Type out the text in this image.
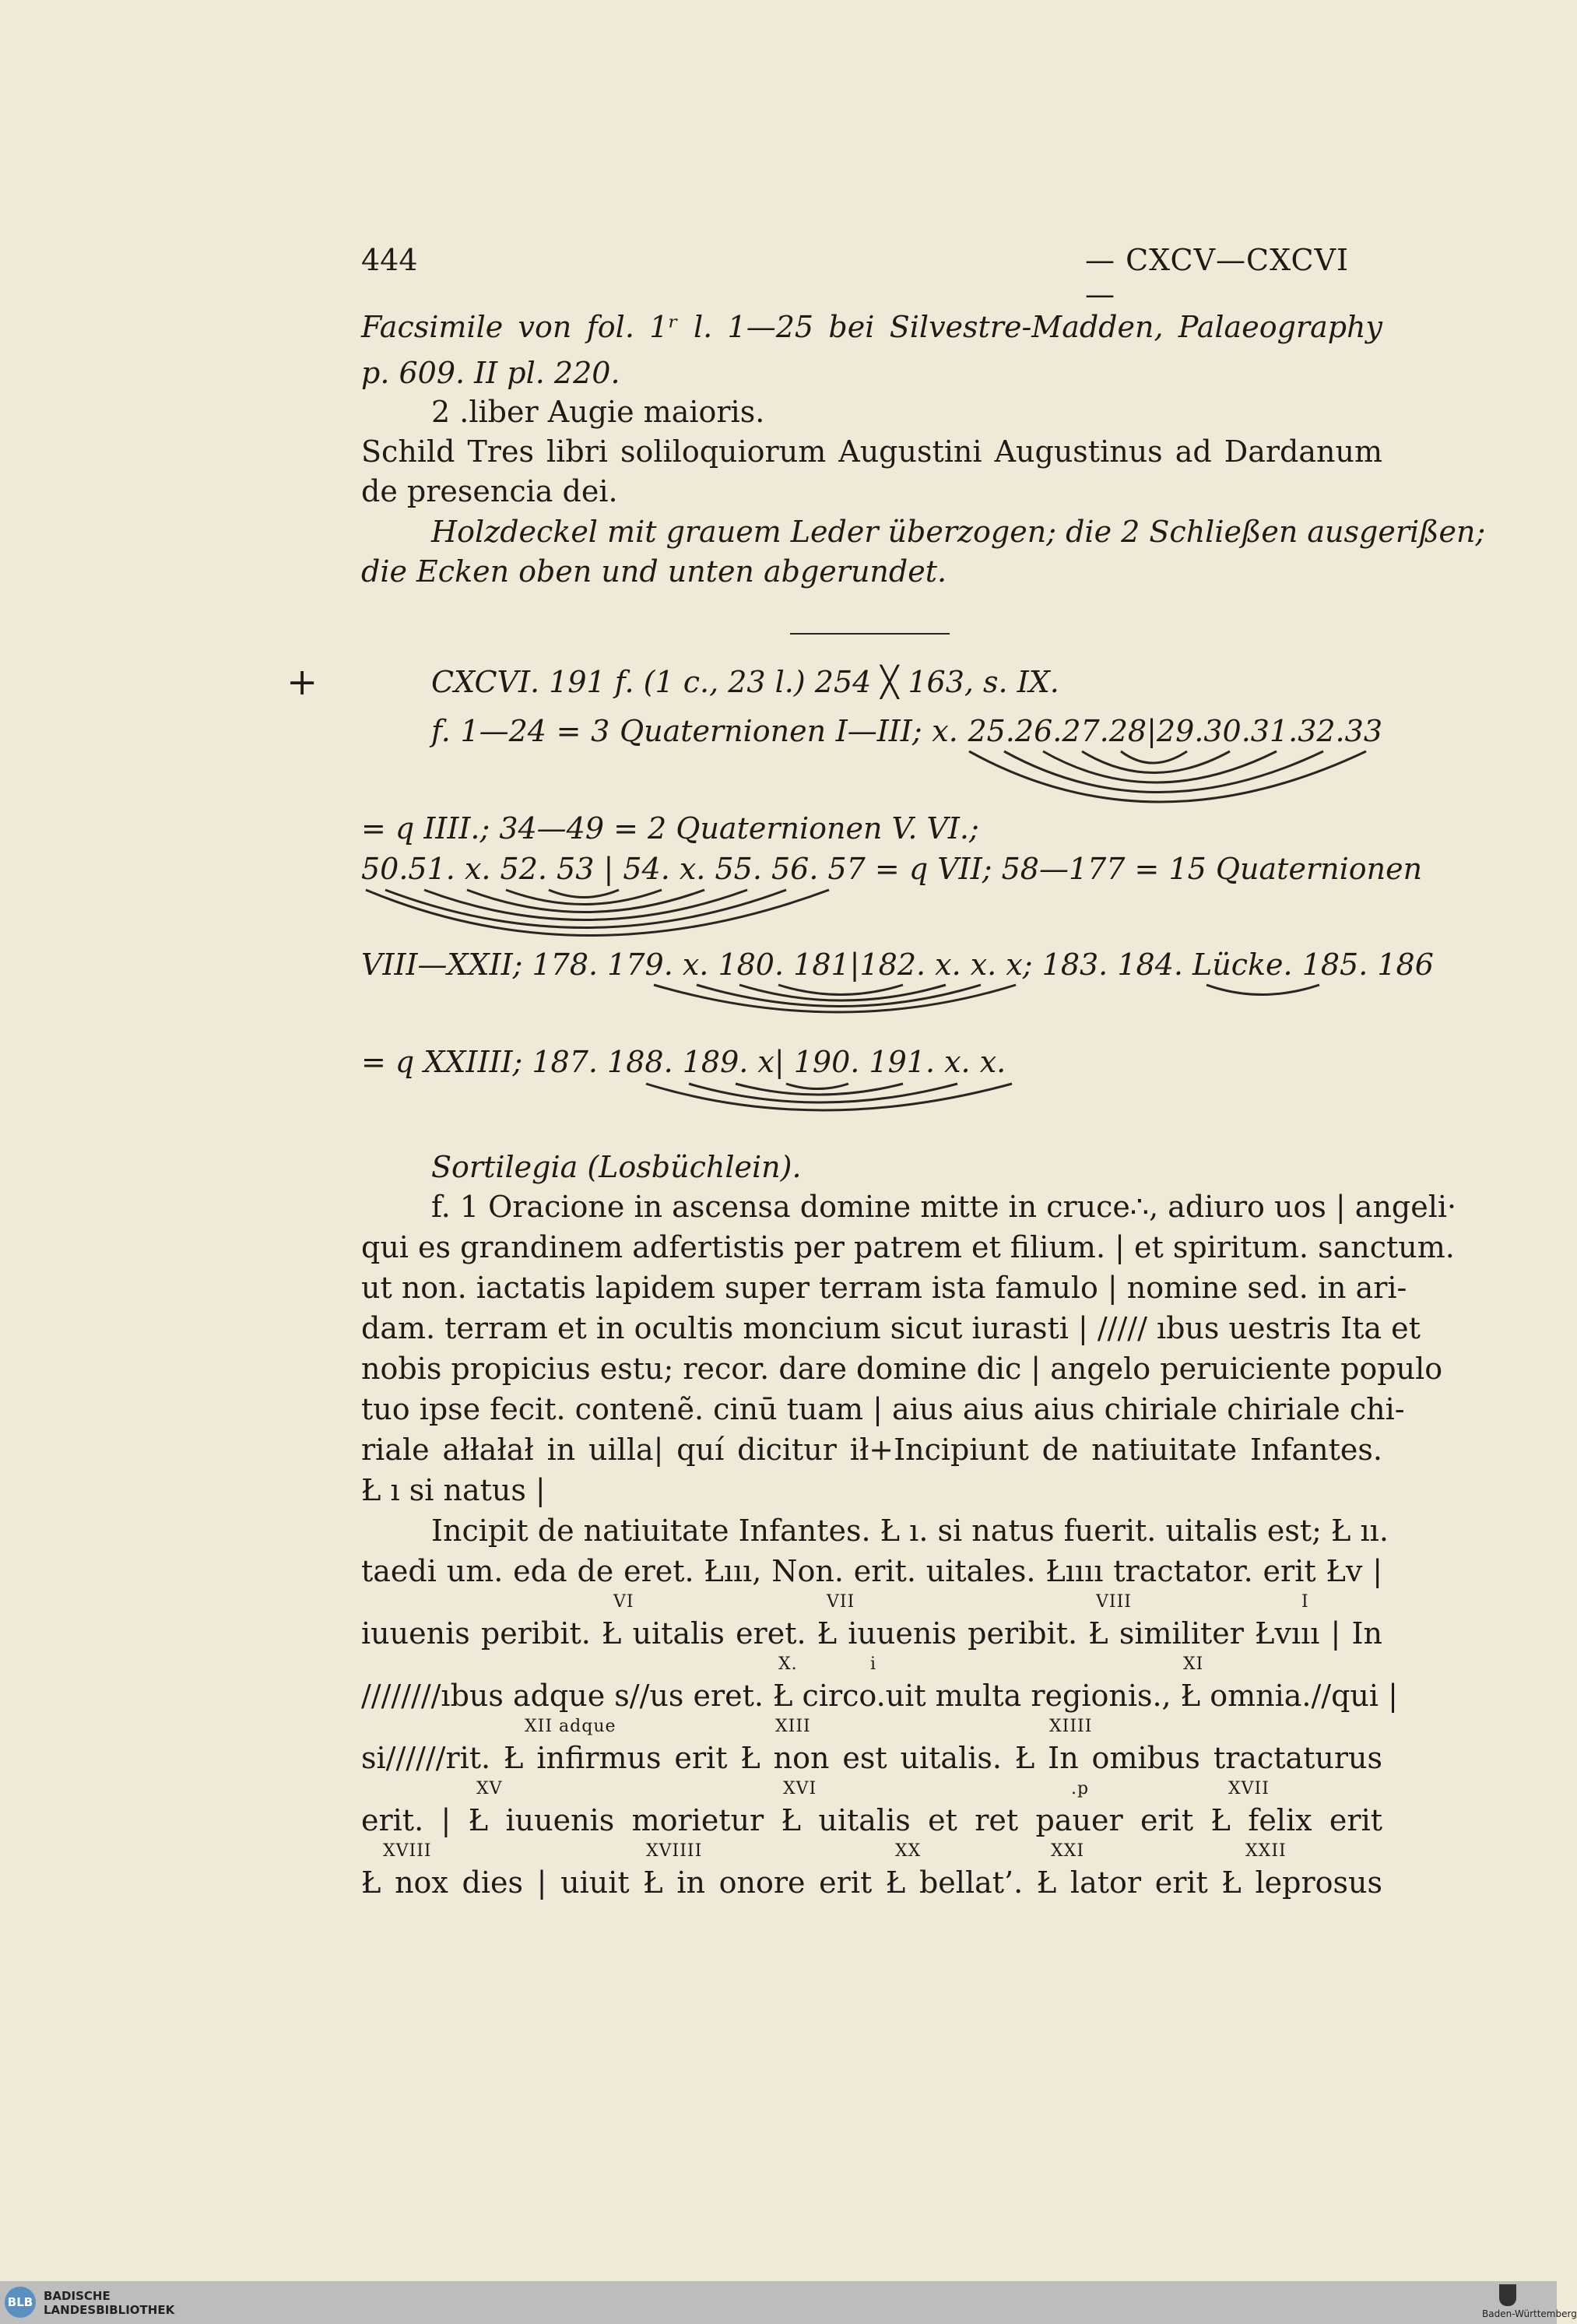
444	— CXCV—CXCVI —
Facsimile von fol. 1ʳ l. 1—25 bei Silvestre-Madden, Palaeography
p. 609. II pl. 220.
2 .liber Augie maioris.
Schild Tres libri soliloquiorum Augustini Augustinus ad Dardanum
de presencia dei.
Holzdeckel mit grauem Leder überzogen; die 2 Schließen ausgerißen;
die Ecken oben und unten abgerundet.
+	CXCVI. 191 f. (1 c., 23 l.) 254 ╳ 163, s. IX.
f. 1—24 = 3 Quaternionen I—III; x. 25.26.27.28|29.30.31.32.33
= q IIII.; 34—49 = 2 Quaternionen V. VI.;
50.51. x. 52. 53 | 54. x. 55. 56. 57 = q VII; 58—177 = 15 Quaternionen
VIII—XXII; 178. 179. x. 180. 181|182. x. x. x; 183. 184. Lücke. 185. 186
= q XXIIII; 187. 188. 189. x| 190. 191. x. x.
Sortilegia (Losbüchlein).
f. 1 Oracione in ascensa domine mitte in cruce∴, adiuro uos | angeli·
qui es grandinem adfertistis per patrem et filium. | et spiritum. sanctum.
ut non. iactatis lapidem super terram ista famulo | nomine sed. in ari-
dam. terram et in ocultis moncium sicut iurasti | ///// ıbus uestris Ita et
nobis propicius estu; recor. dare domine dic | angelo peruiciente populo
tuo ipse fecit. contenẽ. cinū tuam | aius aius aius chiriale chiriale chi-
riale ałłałał in uilla| quí dicitur ił+Incipiunt de natiuitate Infantes.
Ł ı si natus |
Incipit de natiuitate Infantes. Ł ı. si natus fuerit. uitalis est; Ł ıı.
taedi um. eda de eret. Łııı, Non. erit. uitales. Łıııı tractator. erit Łv |
VI	VII	VIII	I
iuuenis peribit. Ł uitalis eret. Ł iuuenis peribit. Ł similiter Łvııı | In
X.	i	XI
////////ıbus adque s//us eret. Ł circo.uit multa regionis., Ł omnia.//qui |
XII adque	XIII	XIIII
si//////rit. Ł infirmus erit Ł non est uitalis. Ł In omibus tractaturus
XV	XVI	.p	XVII
erit. | Ł iuuenis morietur Ł uitalis et ret pauer erit Ł felix erit
XVIII	XVIIII	XX	XXI	XXII
Ł nox dies | uiuit Ł in onore erit Ł bellat’. Ł lator erit Ł leprosus
BLB BADISCHE
LANDESBIBLIOTHEK	Baden-Württemberg
